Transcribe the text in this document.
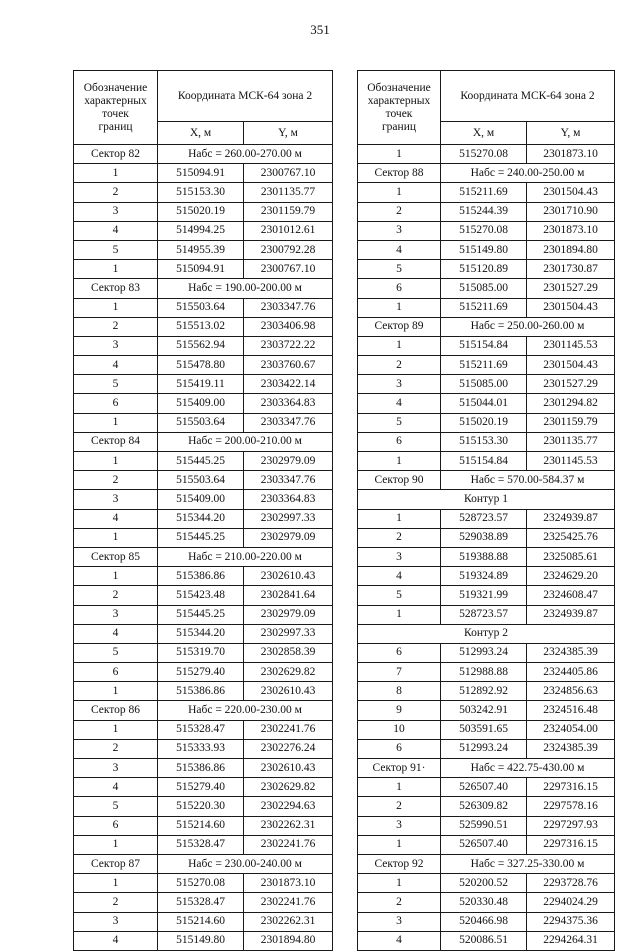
351
Обозначение
характерных
точек
границ	Координата МСК-64 зона 2	
	X, м	Y, м
Сектор 82	Hабс = 260.00-270.00 м	
1	515094.91	2300767.10
2	515153.30	2301135.77
3	515020.19	2301159.79
4	514994.25	2301012.61
5	514955.39	2300792.28
1	515094.91	2300767.10
Сектор 83	Hабс = 190.00-200.00 м	
1	515503.64	2303347.76
2	515513.02	2303406.98
3	515562.94	2303722.22
4	515478.80	2303760.67
5	515419.11	2303422.14
6	515409.00	2303364.83
1	515503.64	2303347.76
Сектор 84	Hабс = 200.00-210.00 м	
1	515445.25	2302979.09
2	515503.64	2303347.76
3	515409.00	2303364.83
4	515344.20	2302997.33
1	515445.25	2302979.09
Сектор 85	Hабс = 210.00-220.00 м	
1	515386.86	2302610.43
2	515423.48	2302841.64
3	515445.25	2302979.09
4	515344.20	2302997.33
5	515319.70	2302858.39
6	515279.40	2302629.82
1	515386.86	2302610.43
Сектор 86	Hабс = 220.00-230.00 м	
1	515328.47	2302241.76
2	515333.93	2302276.24
3	515386.86	2302610.43
4	515279.40	2302629.82
5	515220.30	2302294.63
6	515214.60	2302262.31
1	515328.47	2302241.76
Сектор 87	Hабс = 230.00-240.00 м	
1	515270.08	2301873.10
2	515328.47	2302241.76
3	515214.60	2302262.31
4	515149.80	2301894.80
Обозначение
характерных
точек
границ	Координата МСК-64 зона 2	
	X, м	Y, м
1	515270.08	2301873.10
Сектор 88	Hабс = 240.00-250.00 м	
1	515211.69	2301504.43
2	515244.39	2301710.90
3	515270.08	2301873.10
4	515149.80	2301894.80
5	515120.89	2301730.87
6	515085.00	2301527.29
1	515211.69	2301504.43
Сектор 89	Hабс = 250.00-260.00 м	
1	515154.84	2301145.53
2	515211.69	2301504.43
3	515085.00	2301527.29
4	515044.01	2301294.82
5	515020.19	2301159.79
6	515153.30	2301135.77
1	515154.84	2301145.53
Сектор 90	Hабс = 570.00-584.37 м	
Контур 1		
1	528723.57	2324939.87
2	529038.89	2325425.76
3	519388.88	2325085.61
4	519324.89	2324629.20
5	519321.99	2324608.47
1	528723.57	2324939.87
Контур 2		
6	512993.24	2324385.39
7	512988.88	2324405.86
8	512892.92	2324856.63
9	503242.91	2324516.48
10	503591.65	2324054.00
6	512993.24	2324385.39
Сектор 91·	Hабс = 422.75-430.00 м	
1	526507.40	2297316.15
2	526309.82	2297578.16
3	525990.51	2297297.93
1	526507.40	2297316.15
Сектор 92	Hабс = 327.25-330.00 м	
1	520200.52	2293728.76
2	520330.48	2294024.29
3	520466.98	2294375.36
4	520086.51	2294264.31
